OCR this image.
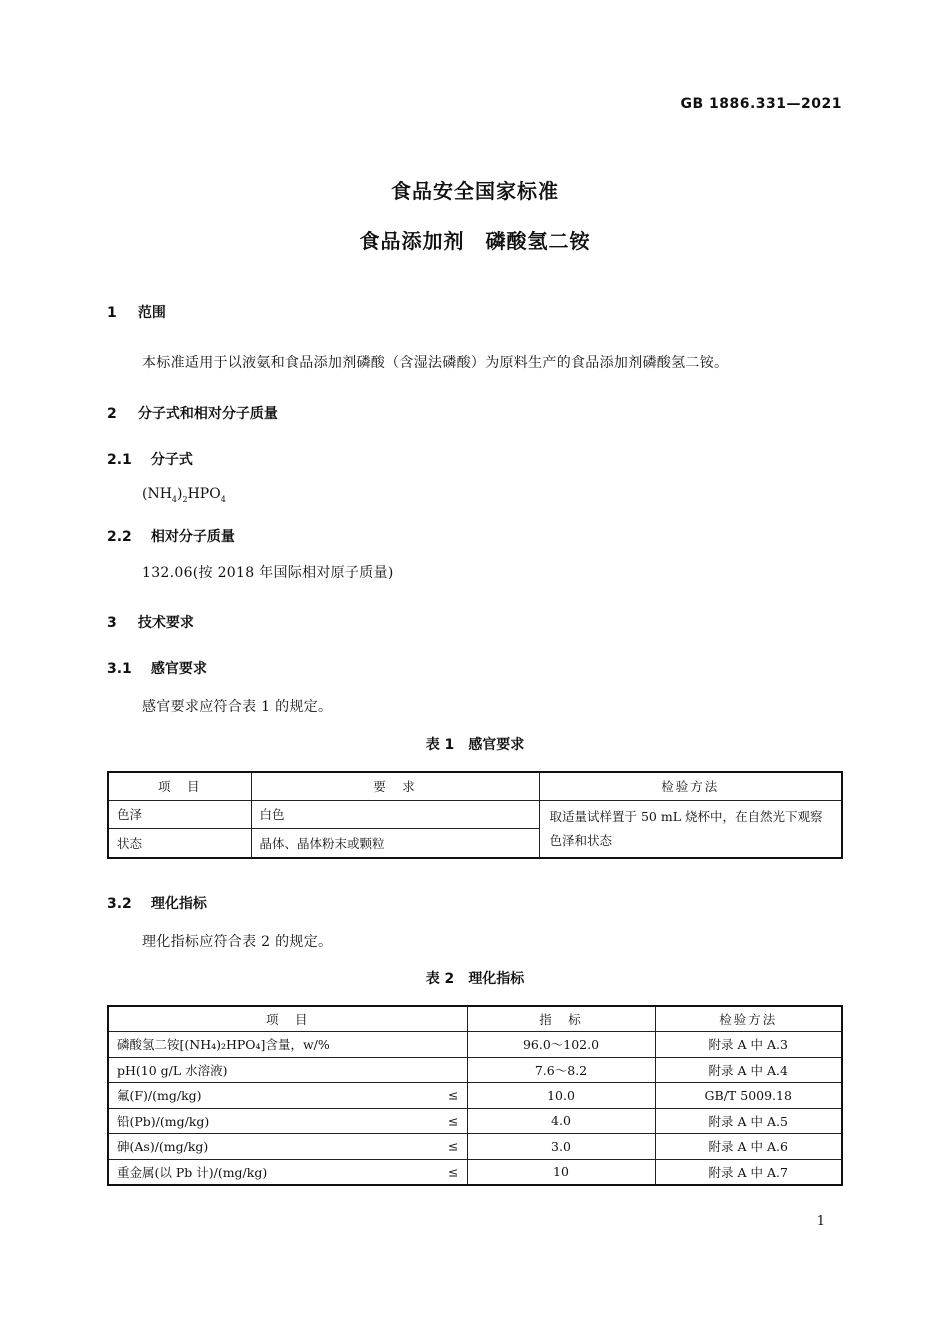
GB 1886.331—2021
食品安全国家标准
食品添加剂　磷酸氢二铵
1 范围
本标准适用于以液氨和食品添加剂磷酸（含湿法磷酸）为原料生产的食品添加剂磷酸氢二铵。
2 分子式和相对分子质量
2.1 分子式
$(NH_4)_2HPO_4$
2.2 相对分子质量
132.06(按 2018 年国际相对原子质量)
3 技术要求
3.1 感官要求
感官要求应符合表 1 的规定。
表 1 感官要求
项　目	要　求	检验方法
色泽	白色	取适量试样置于 50 mL 烧杯中，在自然光下观察色泽和状态
状态	晶体、晶体粉末或颗粒	
3.2 理化指标
理化指标应符合表 2 的规定。
表 2 理化指标
项　目	指　标	检验方法
磷酸氢二铵[(NH₄)₂HPO₄]含量，w/%	96.0～102.0	附录 A 中 A.3
pH(10 g/L 水溶液)	7.6～8.2	附录 A 中 A.4
氟(F)/(mg/kg) ≤	10.0	GB/T 5009.18
铅(Pb)/(mg/kg) ≤	4.0	附录 A 中 A.5
砷(As)/(mg/kg) ≤	3.0	附录 A 中 A.6
重金属(以 Pb 计)/(mg/kg) ≤	10	附录 A 中 A.7
1
